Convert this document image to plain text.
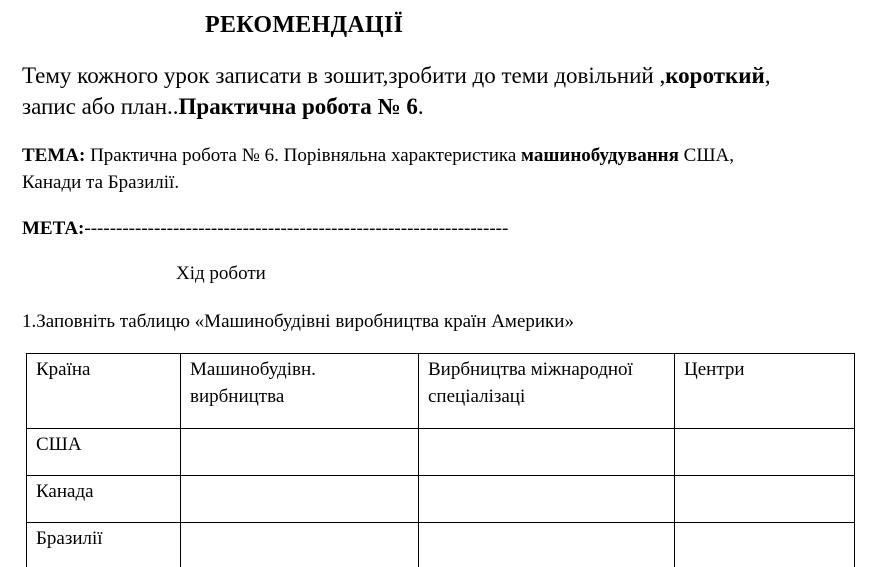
РЕКОМЕНДАЦІЇ
Тему кожного урок записати в зошит,зробити до теми довільний ,короткий,
запис або план..Практична робота № 6.
ТЕМА: Практична робота № 6. Порівняльна характеристика машинобудування США,
Канади та Бразилії.
МЕТА:-------------------------------------------------------------------
Хід роботи
1.Заповніть таблицю «Машинобудівні виробництва країн Америки»
Країна	Машинобудівн. вирбництва	Вирбництва міжнародної спеціалізаці	Центри
США			
Канада			
Бразилії			
